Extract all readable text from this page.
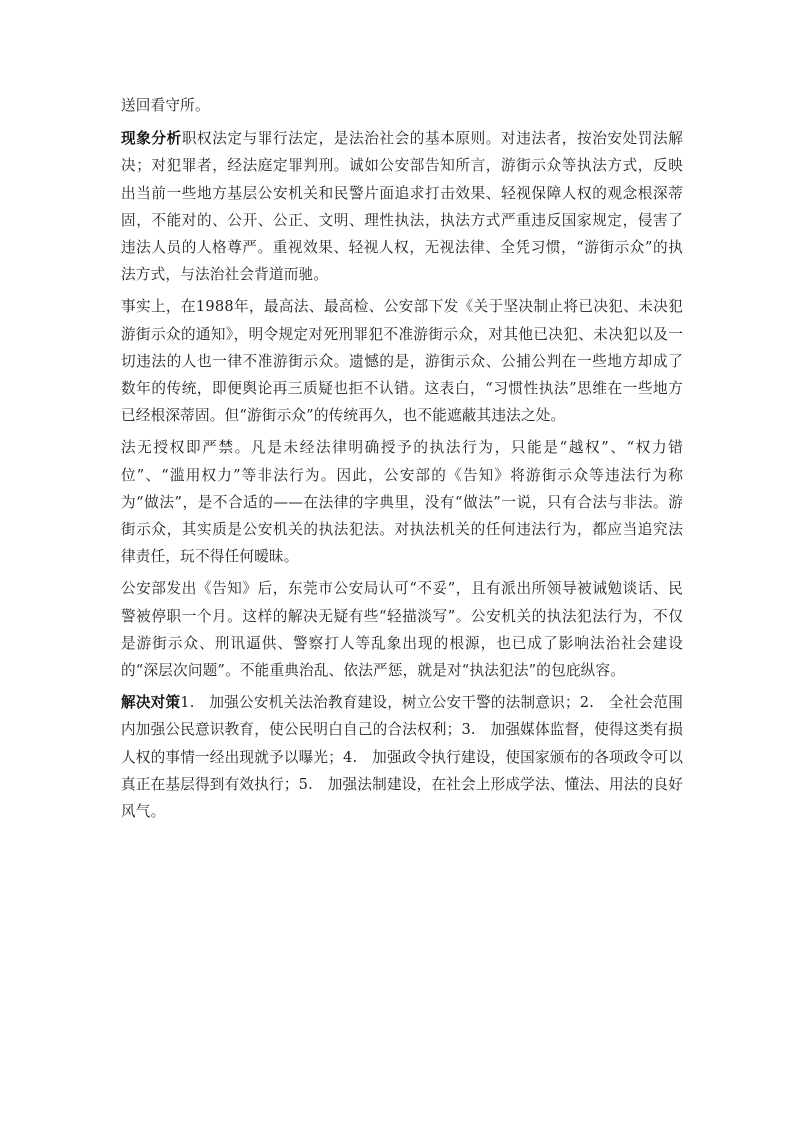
送回看守所。

现象分析职权法定与罪行法定，是法治社会的基本原则。对违法者，按治安处罚法解决；对犯罪者，经法庭定罪判刑。诚如公安部告知所言，游街示众等执法方式，反映出当前一些地方基层公安机关和民警片面追求打击效果、轻视保障人权的观念根深蒂固，不能对的、公开、公正、文明、理性执法，执法方式严重违反国家规定，侵害了违法人员的人格尊严。重视效果、轻视人权，无视法律、全凭习惯，“游街示众”的执法方式，与法治社会背道而驰。

事实上，在1988年，最高法、最高检、公安部下发《关于坚决制止将已决犯、未决犯游街示众的通知》，明令规定对死刑罪犯不准游街示众，对其他已决犯、未决犯以及一切违法的人也一律不准游街示众。遗憾的是，游街示众、公捕公判在一些地方却成了数年的传统，即便舆论再三质疑也拒不认错。这表白，“习惯性执法”思维在一些地方已经根深蒂固。但“游街示众”的传统再久，也不能遮蔽其违法之处。

法无授权即严禁。凡是未经法律明确授予的执法行为，只能是“越权”、“权力错位”、“滥用权力”等非法行为。因此，公安部的《告知》将游街示众等违法行为称为“做法”，是不合适的——在法律的字典里，没有“做法”一说，只有合法与非法。游街示众，其实质是公安机关的执法犯法。对执法机关的任何违法行为，都应当追究法律责任，玩不得任何暧昧。

公安部发出《告知》后，东莞市公安局认可“不妥”，且有派出所领导被诫勉谈话、民警被停职一个月。这样的解决无疑有些“轻描淡写”。公安机关的执法犯法行为，不仅是游街示众、刑讯逼供、警察打人等乱象出现的根源，也已成了影响法治社会建设的“深层次问题”。不能重典治乱、依法严惩，就是对“执法犯法”的包庇纵容。

解决对策1.　加强公安机关法治教育建设，树立公安干警的法制意识；2.　全社会范围内加强公民意识教育，使公民明白自己的合法权利；3.　加强媒体监督，使得这类有损人权的事情一经出现就予以曝光；4.　加强政令执行建设，使国家颁布的各项政令可以真正在基层得到有效执行；5.　加强法制建设，在社会上形成学法、懂法、用法的良好风气。
